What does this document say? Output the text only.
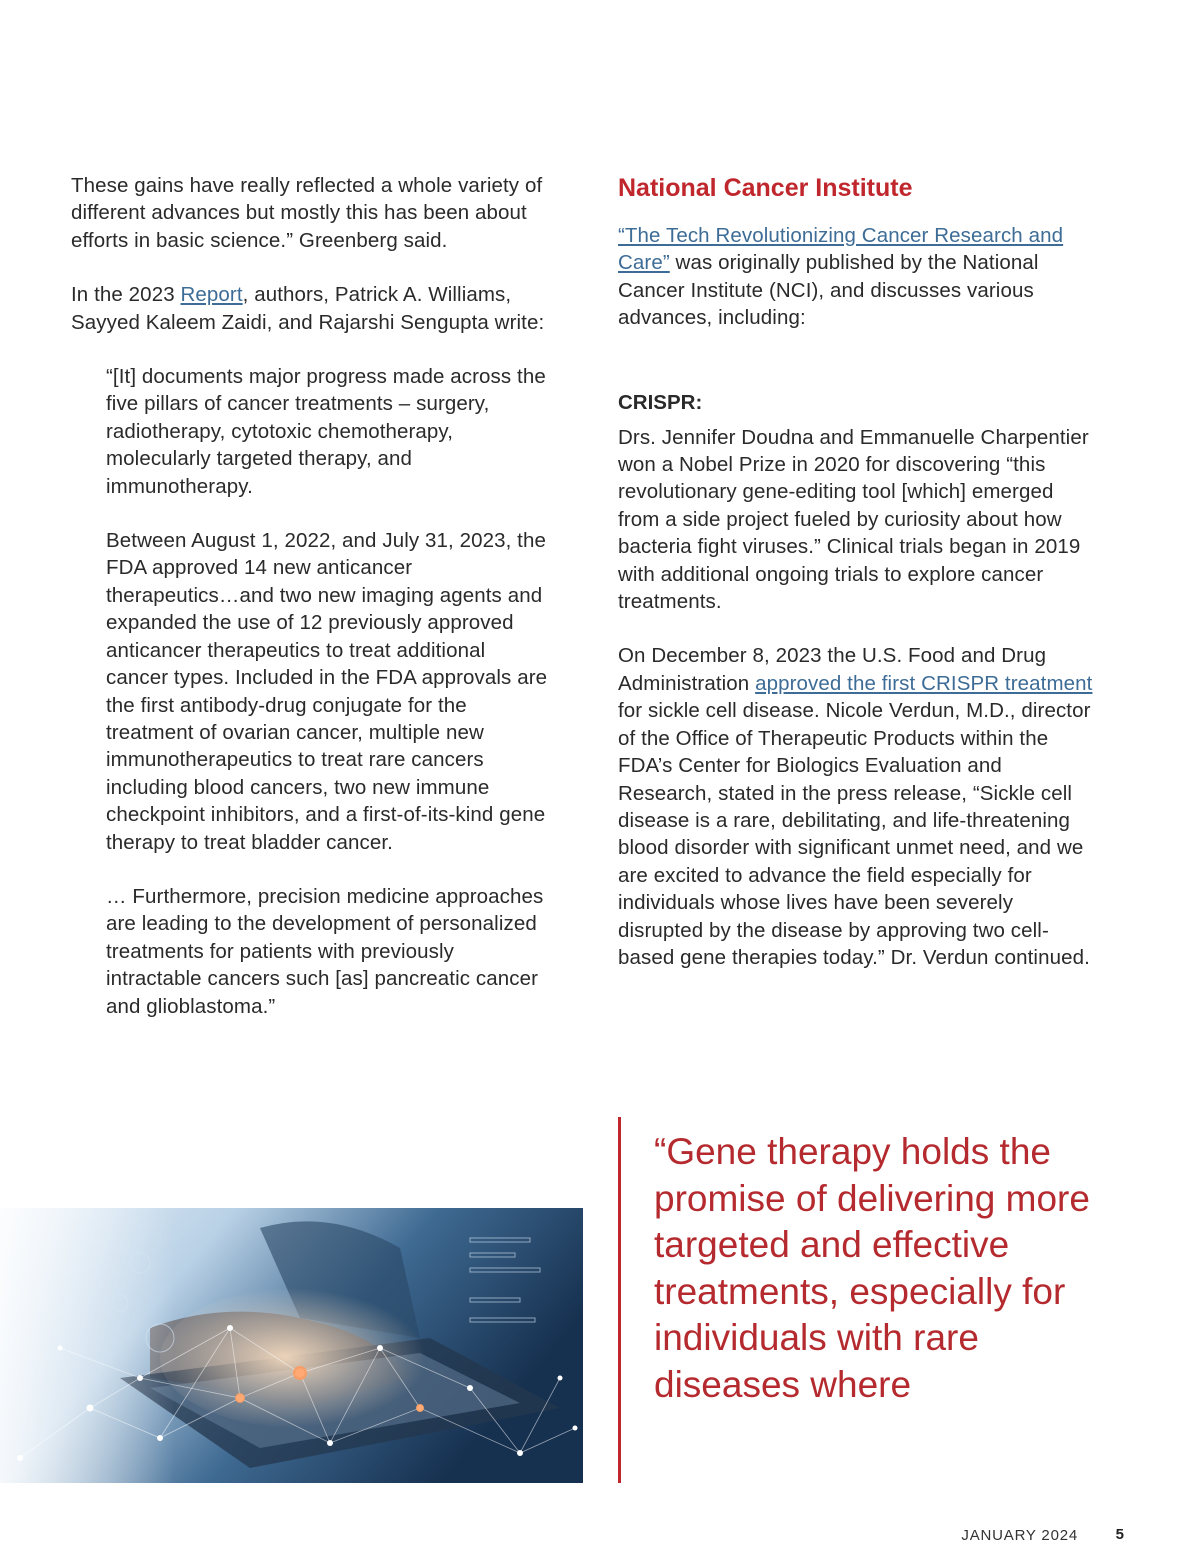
These gains have really reflected a whole variety of different advances but mostly this has been about efforts in basic science.” Greenberg said.

In the 2023 Report, authors, Patrick A. Williams, Sayyed Kaleem Zaidi, and Rajarshi Sengupta write:

“[It] documents major progress made across the five pillars of cancer treatments – surgery, radiotherapy, cytotoxic chemotherapy, molecularly targeted therapy, and immunotherapy.

Between August 1, 2022, and July 31, 2023, the FDA approved 14 new anticancer therapeutics…and two new imaging agents and expanded the use of 12 previously approved anticancer therapeutics to treat additional cancer types. Included in the FDA approvals are the first antibody-drug conjugate for the treatment of ovarian cancer, multiple new immunotherapeutics to treat rare cancers including blood cancers, two new immune checkpoint inhibitors, and a first-of-its-kind gene therapy to treat bladder cancer.

… Furthermore, precision medicine approaches are leading to the development of personalized treatments for patients with previously intractable cancers such [as] pancreatic cancer and glioblastoma.”

National Cancer Institute

“The Tech Revolutionizing Cancer Research and Care” was originally published by the National Cancer Institute (NCI), and discusses various advances, including:

CRISPR:

Drs. Jennifer Doudna and Emmanuelle Charpentier won a Nobel Prize in 2020 for discovering “this revolutionary gene-editing tool [which] emerged from a side project fueled by curiosity about how bacteria fight viruses.” Clinical trials began in 2019 with additional ongoing trials to explore cancer treatments.

On December 8, 2023 the U.S. Food and Drug Administration approved the first CRISPR treatment for sickle cell disease. Nicole Verdun, M.D., director of the Office of Therapeutic Products within the FDA’s Center for Biologics Evaluation and Research, stated in the press release, “Sickle cell disease is a rare, debilitating, and life-threatening blood disorder with significant unmet need, and we are excited to advance the field especially for individuals whose lives have been severely disrupted by the disease by approving two cell-based gene therapies today.” Dr. Verdun continued.

“Gene therapy holds the promise of delivering more targeted and effective treatments, especially for individuals with rare diseases where
JANUARY 2024	5
